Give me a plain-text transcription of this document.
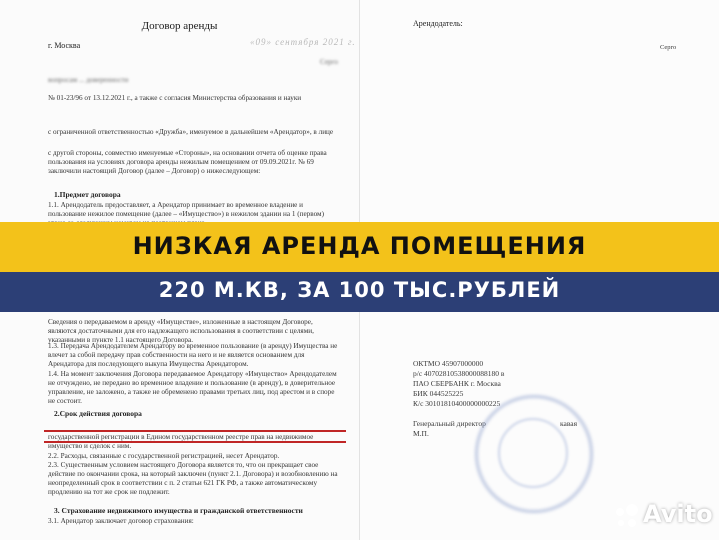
Договор аренды
г. Москва	«09» сентября 2021 г.
Серго
вопросам ... доверенности
№ 01-23/96 от 13.12.2021 г., а также с согласия Министерства образования и науки
с ограниченной ответственностью «Дружба», именуемое в дальнейшем «Арендатор», в лице
с другой стороны, совместно именуемые «Стороны», на основании отчета об оценке права
пользования на условиях договора аренды нежилым помещением от 09.09.2021г. № 69
заключили настоящий Договор (далее – Договор) о нижеследующем:
1.Предмет договора
1.1. Арендодатель предоставляет, а Арендатор принимает во временное владение и пользование нежилое помещение (далее – «Имущество») в нежилом здании на 1 (первом)
Сведения о передаваемом в аренду «Имуществе», изложенные в настоящем Договоре, являются достаточными для его надлежащего использования в соответствии с целями, указанными в пункте 1.1 настоящего Договора.
1.3. Передача Арендодателем Арендатору во временное пользование (в аренду) Имущества не влечет за собой передачу прав собственности на него и не является основанием для Арендатора для последующего выкупа Имущества Арендатором.
1.4. На момент заключения Договора передаваемое Арендатору «Имущество» Арендодателем не отчуждено, не передано во временное владение и пользование (в аренду), в доверительное управление, не заложено, а также не обременено правами третьих лиц, под арестом и в споре не состоит.
2.Срок действия договора
государственной регистрации в Едином государственном реестре прав на недвижимое имущество и сделок с ним.
2.2. Расходы, связанные с государственной регистрацией, несет Арендатор.
2.3. Существенным условием настоящего Договора является то, что он прекращает свое действие по окончании срока, на который заключен (пункт 2.1. Договора) и возобновлению на неопределенный срок в соответствии с п. 2 статьи 621 ГК РФ, а также автоматическому продлению на тот же срок не подлежит.
3. Страхование недвижимого имущества и гражданской ответственности
3.1. Арендатор заключает договор страхования:
Арендодатель:
Серго
ОКТМО 45907000000
р/с 40702810538000088180 в
ПАО СБЕРБАНК г. Москва
БИК 044525225
К/с 30101810400000000225
Генеральный директор	кавая
М.П.
НИЗКАЯ АРЕНДА ПОМЕЩЕНИЯ
220 М.КВ, ЗА 100 ТЫС.РУБЛЕЙ
Avito
